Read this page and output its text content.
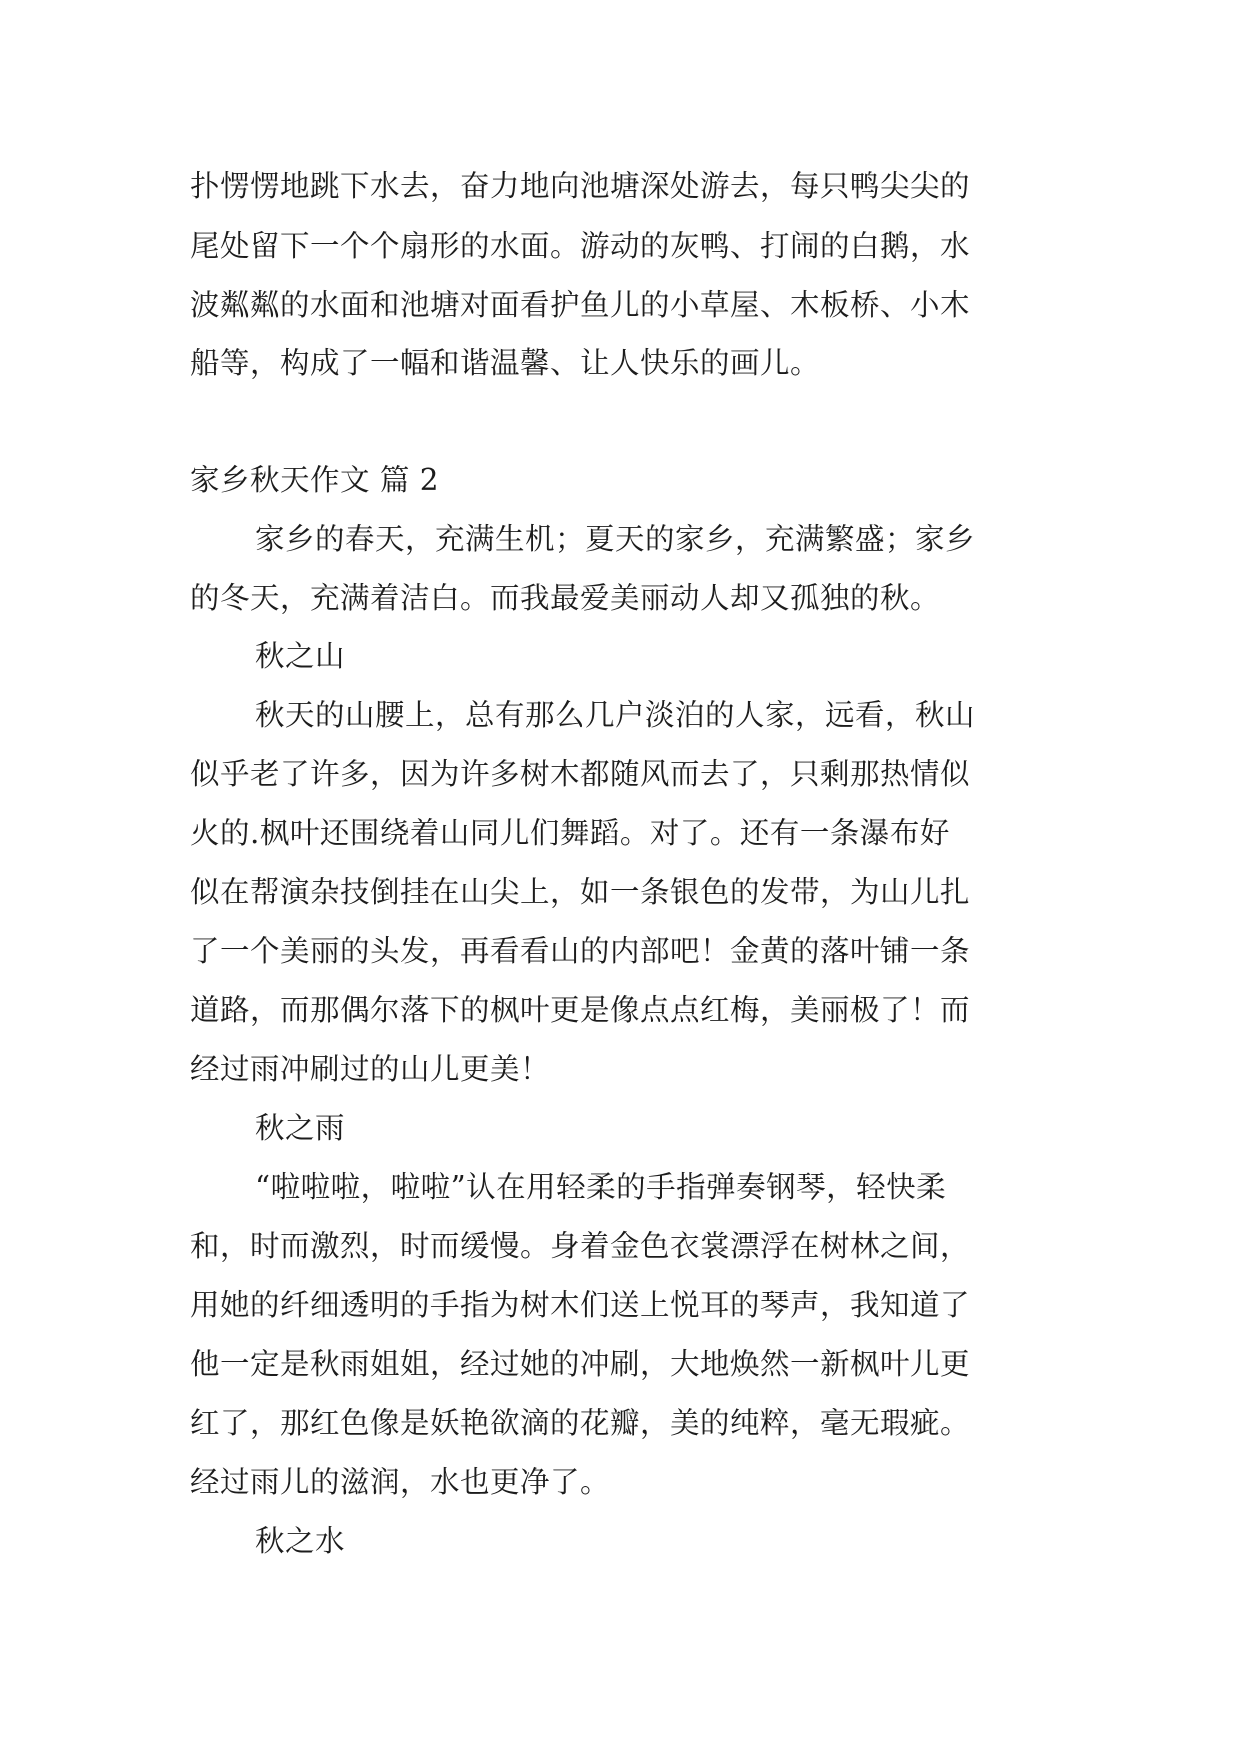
扑愣愣地跳下水去，奋力地向池塘深处游去，每只鸭尖尖的
尾处留下一个个扇形的水面。游动的灰鸭、打闹的白鹅，水
波粼粼的水面和池塘对面看护鱼儿的小草屋、木板桥、小木
船等，构成了一幅和谐温馨、让人快乐的画儿。
家乡秋天作文 篇 2
家乡的春天，充满生机；夏天的家乡，充满繁盛；家乡
的冬天，充满着洁白。而我最爱美丽动人却又孤独的秋。
秋之山
秋天的山腰上，总有那么几户淡泊的人家，远看，秋山
似乎老了许多，因为许多树木都随风而去了，只剩那热情似
火的.枫叶还围绕着山同儿们舞蹈。对了。还有一条瀑布好
似在帮演杂技倒挂在山尖上，如一条银色的发带，为山儿扎
了一个美丽的头发，再看看山的内部吧！金黄的落叶铺一条
道路，而那偶尔落下的枫叶更是像点点红梅，美丽极了！而
经过雨冲刷过的山儿更美！
秋之雨
“啦啦啦，啦啦”认在用轻柔的手指弹奏钢琴，轻快柔
和，时而激烈，时而缓慢。身着金色衣裳漂浮在树林之间，
用她的纤细透明的手指为树木们送上悦耳的琴声，我知道了
他一定是秋雨姐姐，经过她的冲刷，大地焕然一新枫叶儿更
红了，那红色像是妖艳欲滴的花瓣，美的纯粹，毫无瑕疵。
经过雨儿的滋润，水也更净了。
秋之水
